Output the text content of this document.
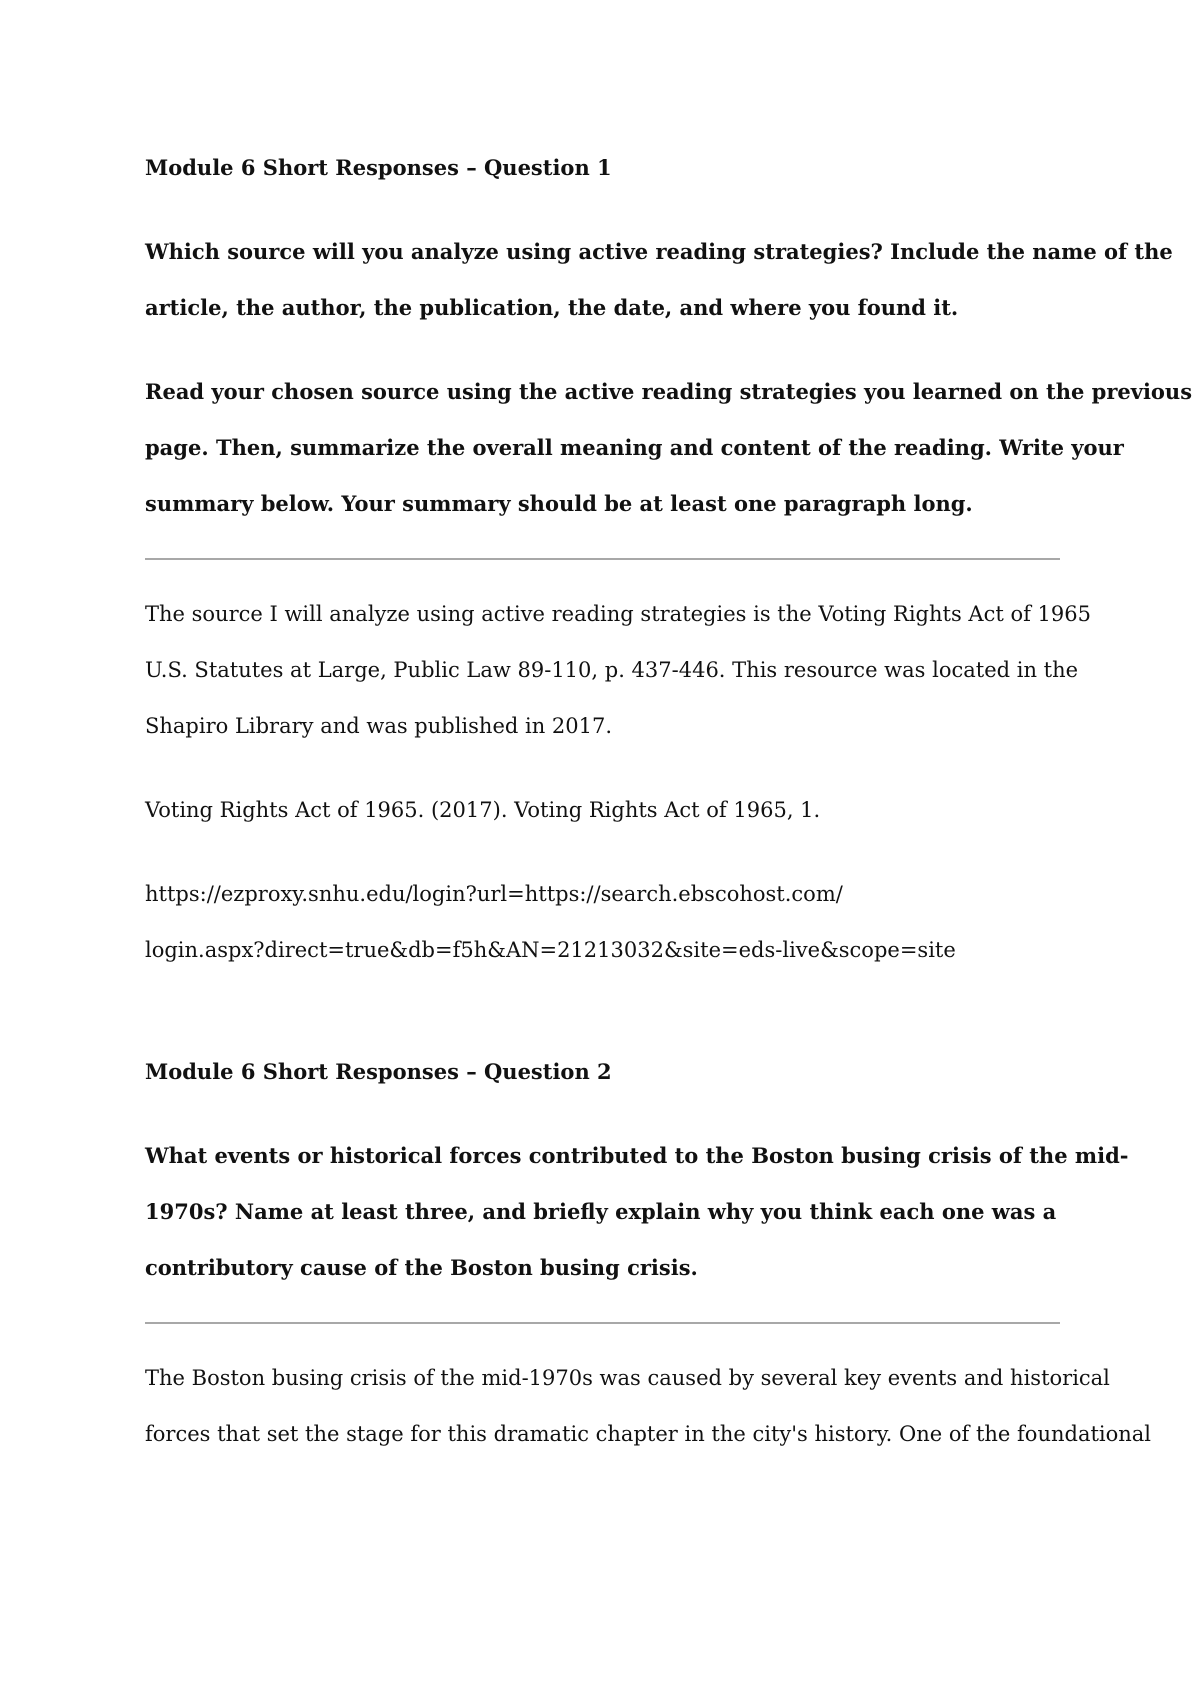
Module 6 Short Responses – Question 1
Which source will you analyze using active reading strategies? Include the name of the
article, the author, the publication, the date, and where you found it.
Read your chosen source using the active reading strategies you learned on the previous
page. Then, summarize the overall meaning and content of the reading. Write your
summary below. Your summary should be at least one paragraph long.
The source I will analyze using active reading strategies is the Voting Rights Act of 1965
U.S. Statutes at Large, Public Law 89-110, p. 437-446. This resource was located in the
Shapiro Library and was published in 2017.
Voting Rights Act of 1965. (2017). Voting Rights Act of 1965, 1.
https://ezproxy.snhu.edu/login?url=https://search.ebscohost.com/
login.aspx?direct=true&db=f5h&AN=21213032&site=eds-live&scope=site
Module 6 Short Responses – Question 2
What events or historical forces contributed to the Boston busing crisis of the mid-
1970s? Name at least three, and briefly explain why you think each one was a
contributory cause of the Boston busing crisis.
The Boston busing crisis of the mid-1970s was caused by several key events and historical
forces that set the stage for this dramatic chapter in the city's history. One of the foundational
